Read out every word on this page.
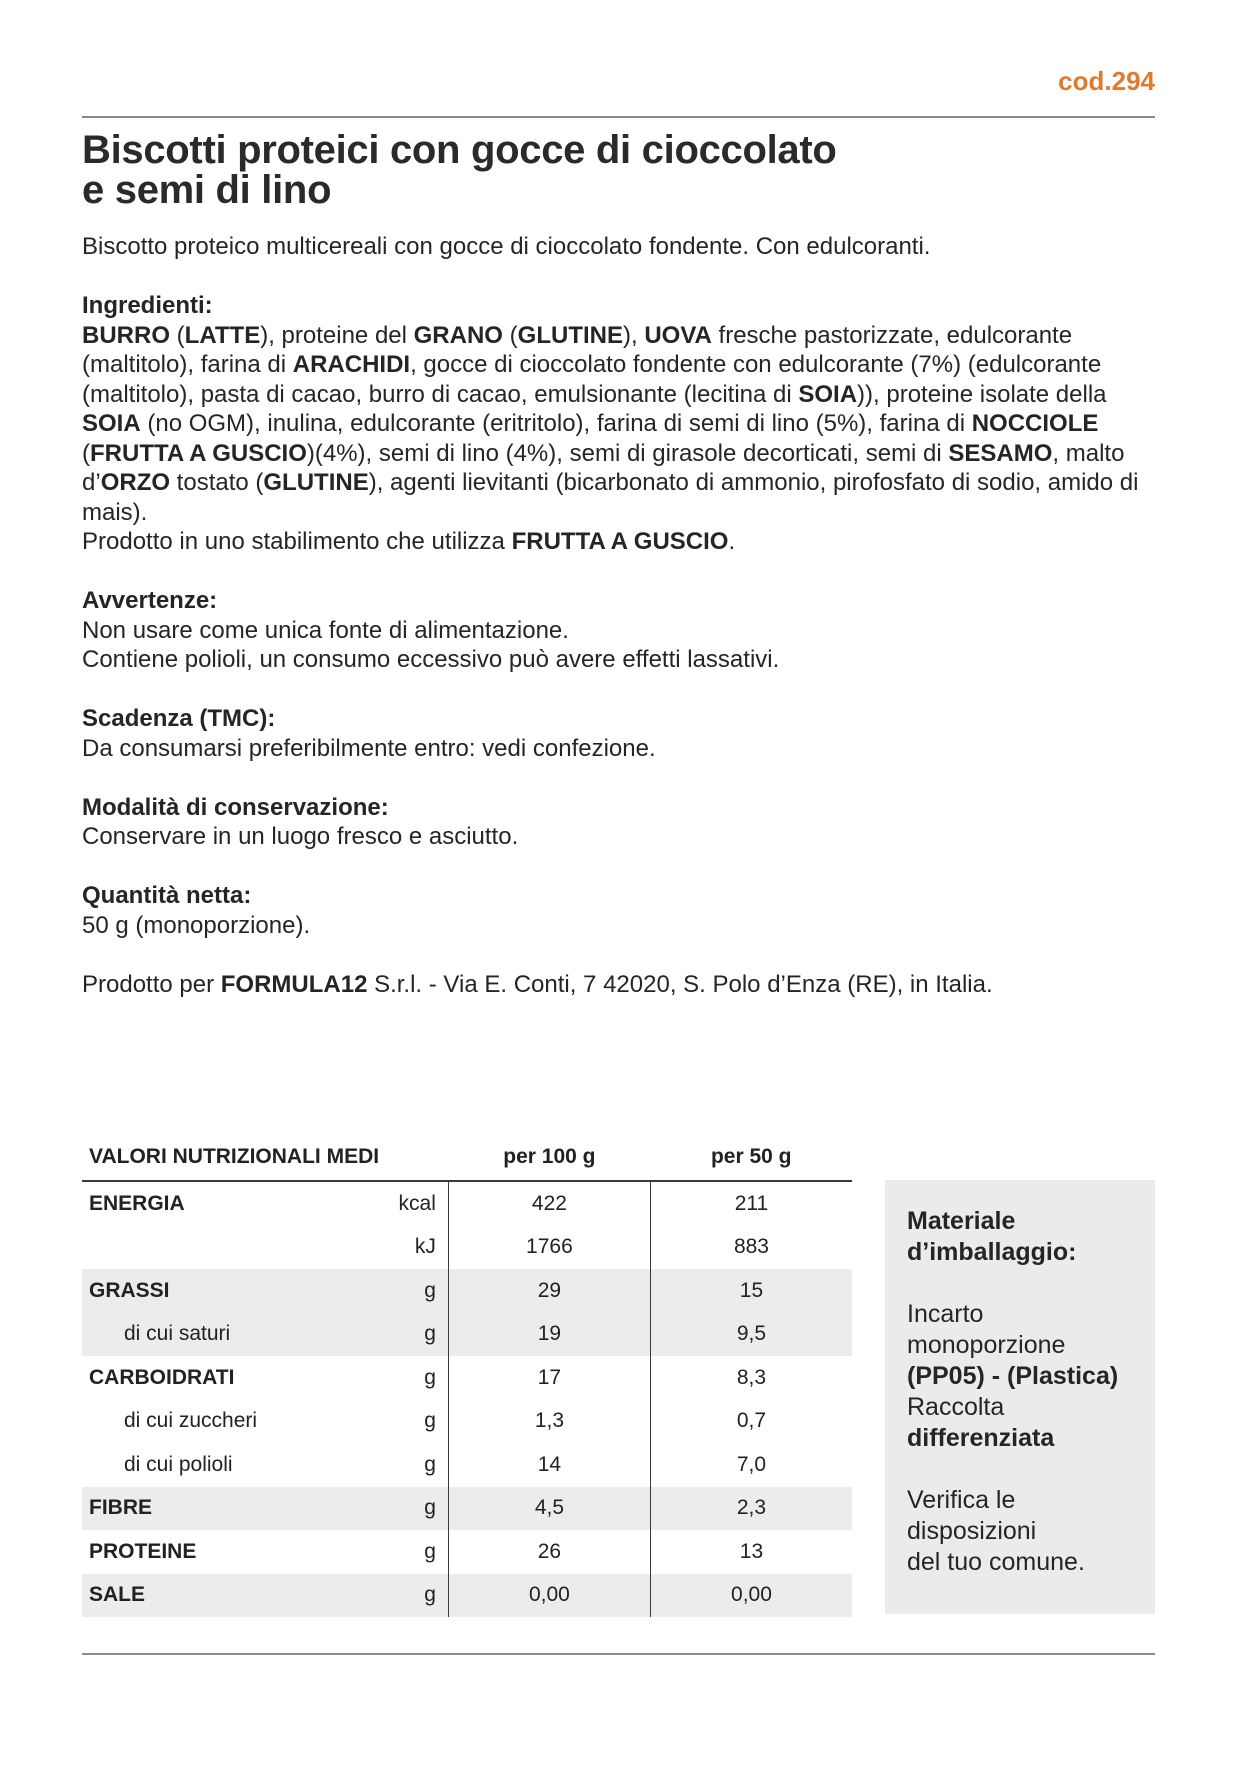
cod.294
Biscotti proteici con gocce di cioccolato
e semi di lino

Biscotto proteico multicereali con gocce di cioccolato fondente. Con edulcoranti.

Ingredienti:

BURRO (LATTE), proteine del GRANO (GLUTINE), UOVA fresche pastorizzate, edulcorante (maltitolo), farina di ARACHIDI, gocce di cioccolato fondente con edulcorante (7%) (edulcorante (maltitolo), pasta di cacao, burro di cacao, emulsionante (lecitina di SOIA)), proteine isolate della SOIA (no OGM), inulina, edulcorante (eritritolo), farina di semi di lino (5%), farina di NOCCIOLE (FRUTTA A GUSCIO)(4%), semi di lino (4%), semi di girasole decorticati, semi di SESAMO, malto d’ORZO tostato (GLUTINE), agenti lievitanti (bicarbonato di ammonio, pirofosfato di sodio, amido di mais).

Prodotto in uno stabilimento che utilizza FRUTTA A GUSCIO.

Avvertenze:

Non usare come unica fonte di alimentazione.

Contiene polioli, un consumo eccessivo può avere effetti lassativi.

Scadenza (TMC):

Da consumarsi preferibilmente entro: vedi confezione.

Modalità di conservazione:

Conservare in un luogo fresco e asciutto.

Quantità netta:

50 g (monoporzione).

Prodotto per FORMULA12 S.r.l. - Via E. Conti, 7 42020, S. Polo d’Enza (RE), in Italia.

VALORI NUTRIZIONALI MEDI		per 100 g	per 50 g
ENERGIA	kcal	422	211
	kJ	1766	883
GRASSI	g	29	15
di cui saturi	g	19	9,5
CARBOIDRATI	g	17	8,3
di cui zuccheri	g	1,3	0,7
di cui polioli	g	14	7,0
FIBRE	g	4,5	2,3
PROTEINE	g	26	13
SALE	g	0,00	0,00

Materiale

d’imballaggio:

Incarto

monoporzione

(PP05) - (Plastica)

Raccolta

differenziata

Verifica le

disposizioni

del tuo comune.
